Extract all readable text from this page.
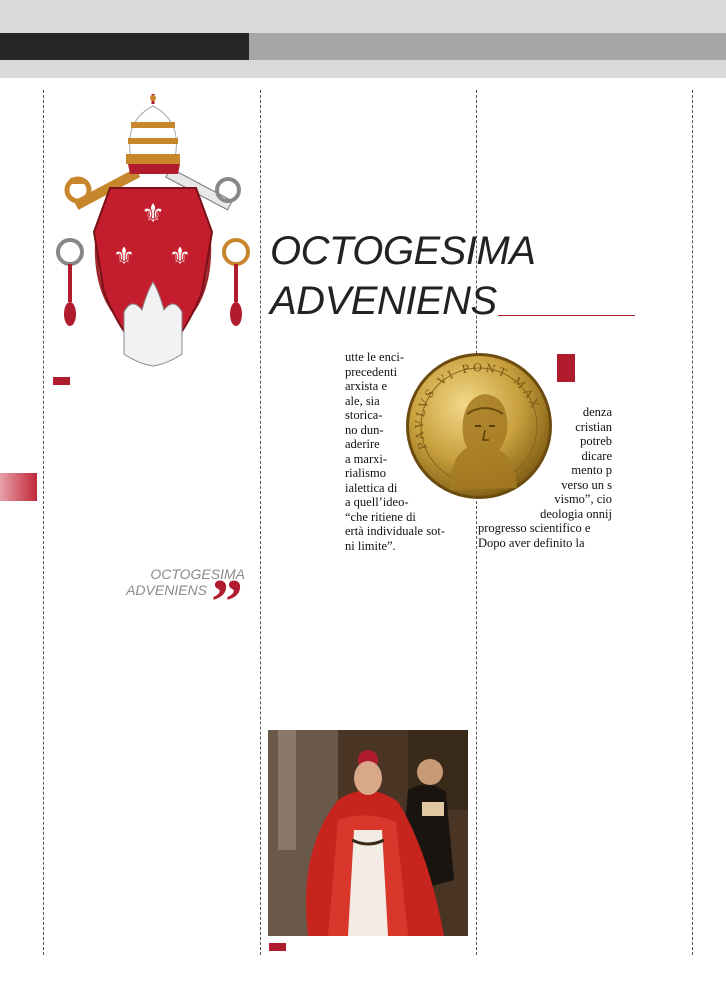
⚜
⚜ ⚜
OCTOGESIMA
ADVENIENS ”
OCTOGESIMA
ADVENIENS
utte le enci-
precedenti
arxista e
ale, sia
storica-
no dun-
aderire
a marxi-
rialismo
ialettica di
a quell’ideo-
“che ritiene di
ertà individuale sot-
ni limite”.
denza
cristian
potreb
dicare
mento p
verso un s
vismo”, cio
deologia onnij
progresso scientifico e
Dopo aver definito la
PAVLVS VI PONT MAX
